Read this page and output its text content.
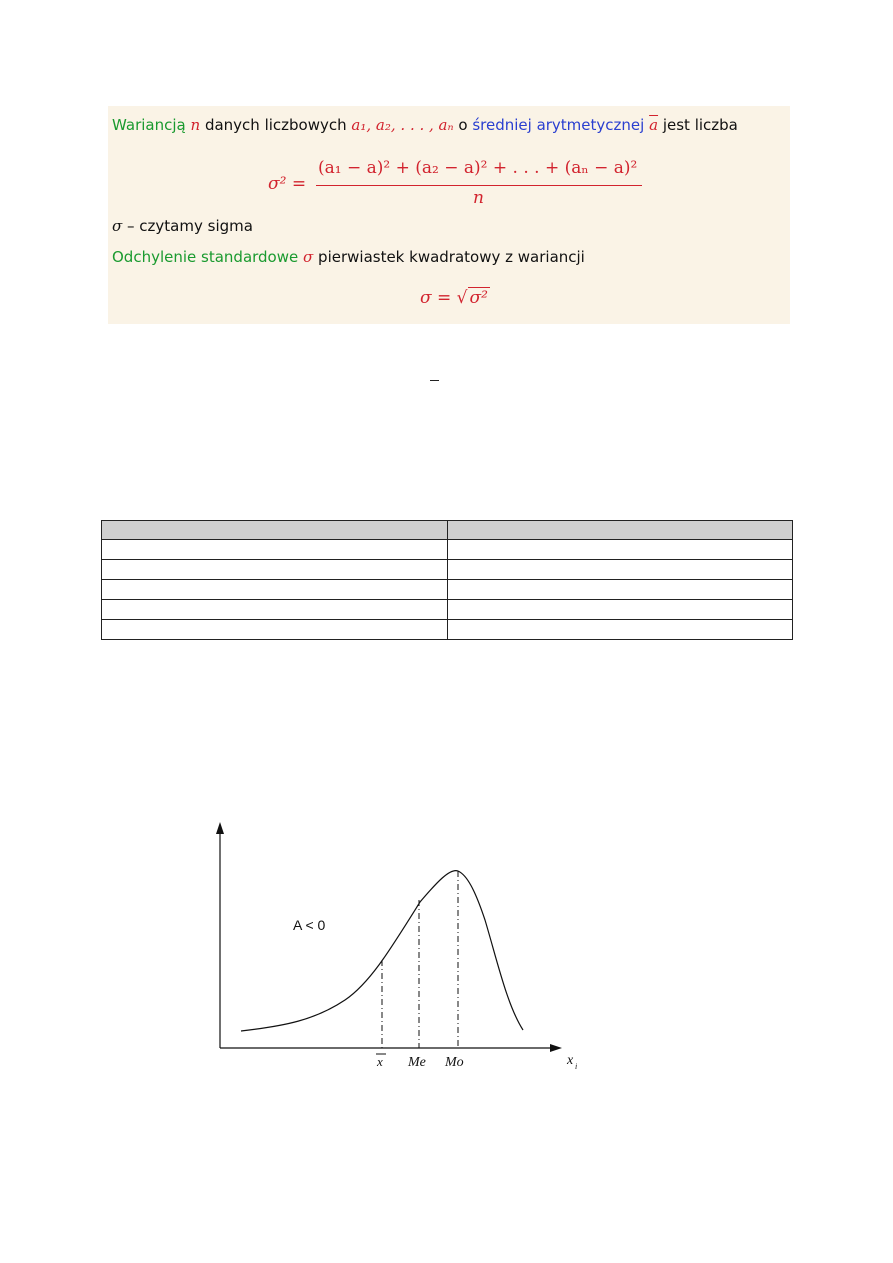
Wariancją n danych liczbowych a₁, a₂, . . . , aₙ o średniej arytmetycznej $\overline{a}$ jest liczba
σ² =
(a₁ − a)² + (a₂ − a)² + . . . + (aₙ − a)²
n
σ – czytamy sigma
Odchylenie standardowe σ pierwiastek kwadratowy z wariancji
σ = √ σ²

A < 0
x Me Mo	x i
